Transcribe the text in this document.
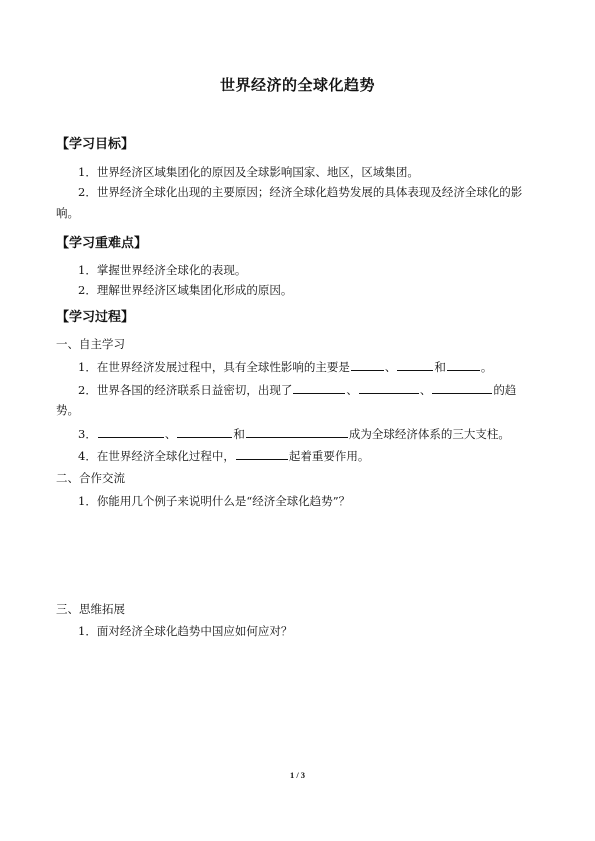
世界经济的全球化趋势
【学习目标】
1．世界经济区域集团化的原因及全球影响国家、地区，区域集团。
2．世界经济全球化出现的主要原因；经济全球化趋势发展的具体表现及经济全球化的影
响。
【学习重难点】
1．掌握世界经济全球化的表现。
2．理解世界经济区域集团化形成的原因。
【学习过程】
一、自主学习
1．在世界经济发展过程中，具有全球性影响的主要是	、	和	。
2．世界各国的经济联系日益密切，出现了	、	、	的趋
势。
3．	、	和	成为全球经济体系的三大支柱。
4．在世界经济全球化过程中，	起着重要作用。
二、合作交流
1．你能用几个例子来说明什么是“经济全球化趋势”？
三、思维拓展
1．面对经济全球化趋势中国应如何应对？
1 / 3
